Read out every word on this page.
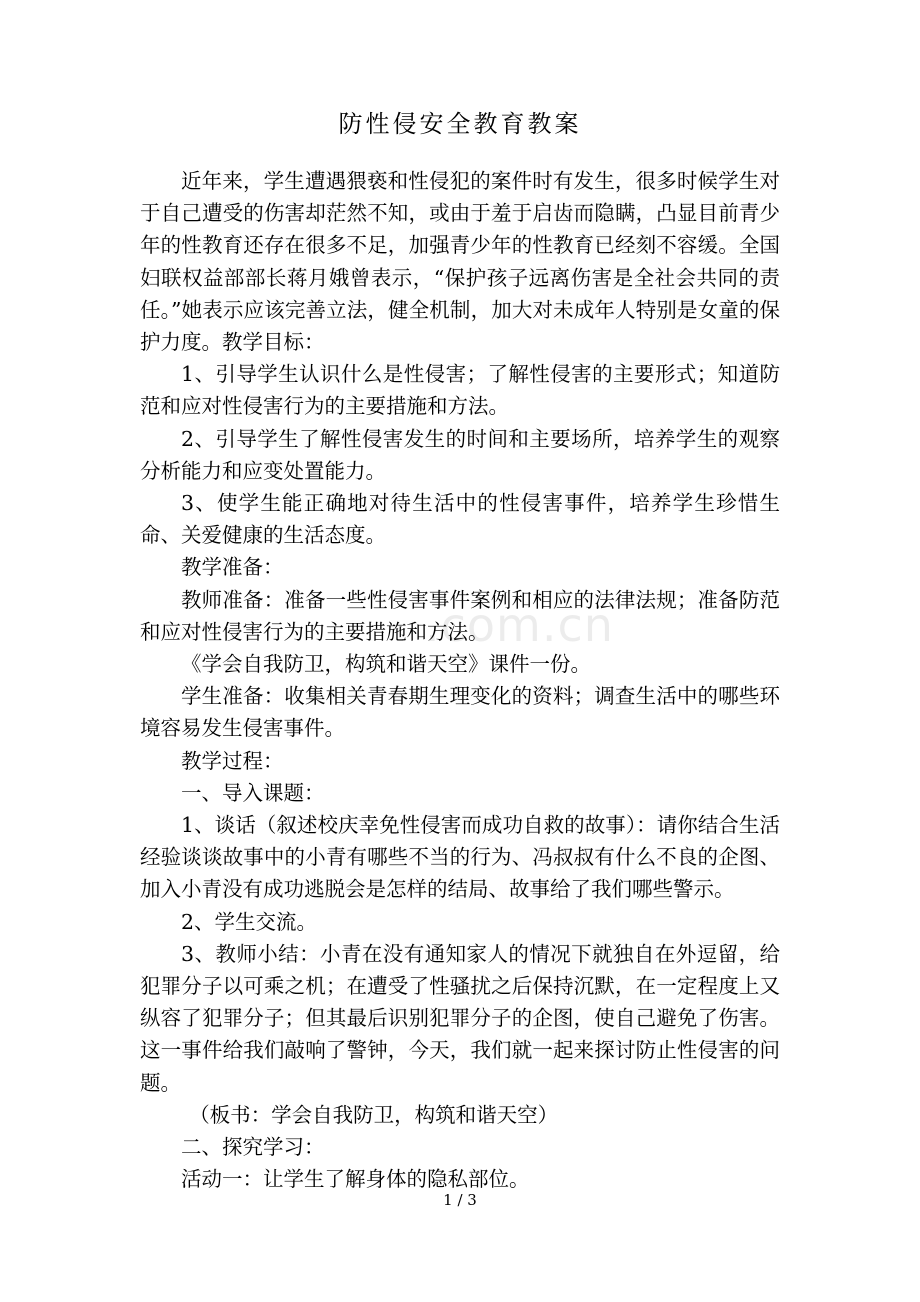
防性侵安全教育教案

近年来，学生遭遇猥亵和性侵犯的案件时有发生，很多时候学生对于自己遭受的伤害却茫然不知，或由于羞于启齿而隐瞒，凸显目前青少年的性教育还存在很多不足，加强青少年的性教育已经刻不容缓。全国妇联权益部部长蒋月娥曾表示，“保护孩子远离伤害是全社会共同的责任。”她表示应该完善立法，健全机制，加大对未成年人特别是女童的保护力度。教学目标：

1、引导学生认识什么是性侵害；了解性侵害的主要形式；知道防范和应对性侵害行为的主要措施和方法。

2、引导学生了解性侵害发生的时间和主要场所，培养学生的观察分析能力和应变处置能力。

3、使学生能正确地对待生活中的性侵害事件，培养学生珍惜生命、关爱健康的生活态度。

教学准备：

教师准备：准备一些性侵害事件案例和相应的法律法规；准备防范和应对性侵害行为的主要措施和方法。

《学会自我防卫，构筑和谐天空》课件一份。

学生准备：收集相关青春期生理变化的资料；调查生活中的哪些环境容易发生侵害事件。

教学过程：

一、导入课题：

1、谈话（叙述校庆幸免性侵害而成功自救的故事）：请你结合生活经验谈谈故事中的小青有哪些不当的行为、冯叔叔有什么不良的企图、加入小青没有成功逃脱会是怎样的结局、故事给了我们哪些警示。

2、学生交流。

3、教师小结：小青在没有通知家人的情况下就独自在外逗留，给犯罪分子以可乘之机；在遭受了性骚扰之后保持沉默，在一定程度上又纵容了犯罪分子；但其最后识别犯罪分子的企图，使自己避免了伤害。这一事件给我们敲响了警钟，今天，我们就一起来探讨防止性侵害的问题。

（板书：学会自我防卫，构筑和谐天空）

二、探究学习：

活动一：让学生了解身体的隐私部位。

.com.cn
1 / 3
